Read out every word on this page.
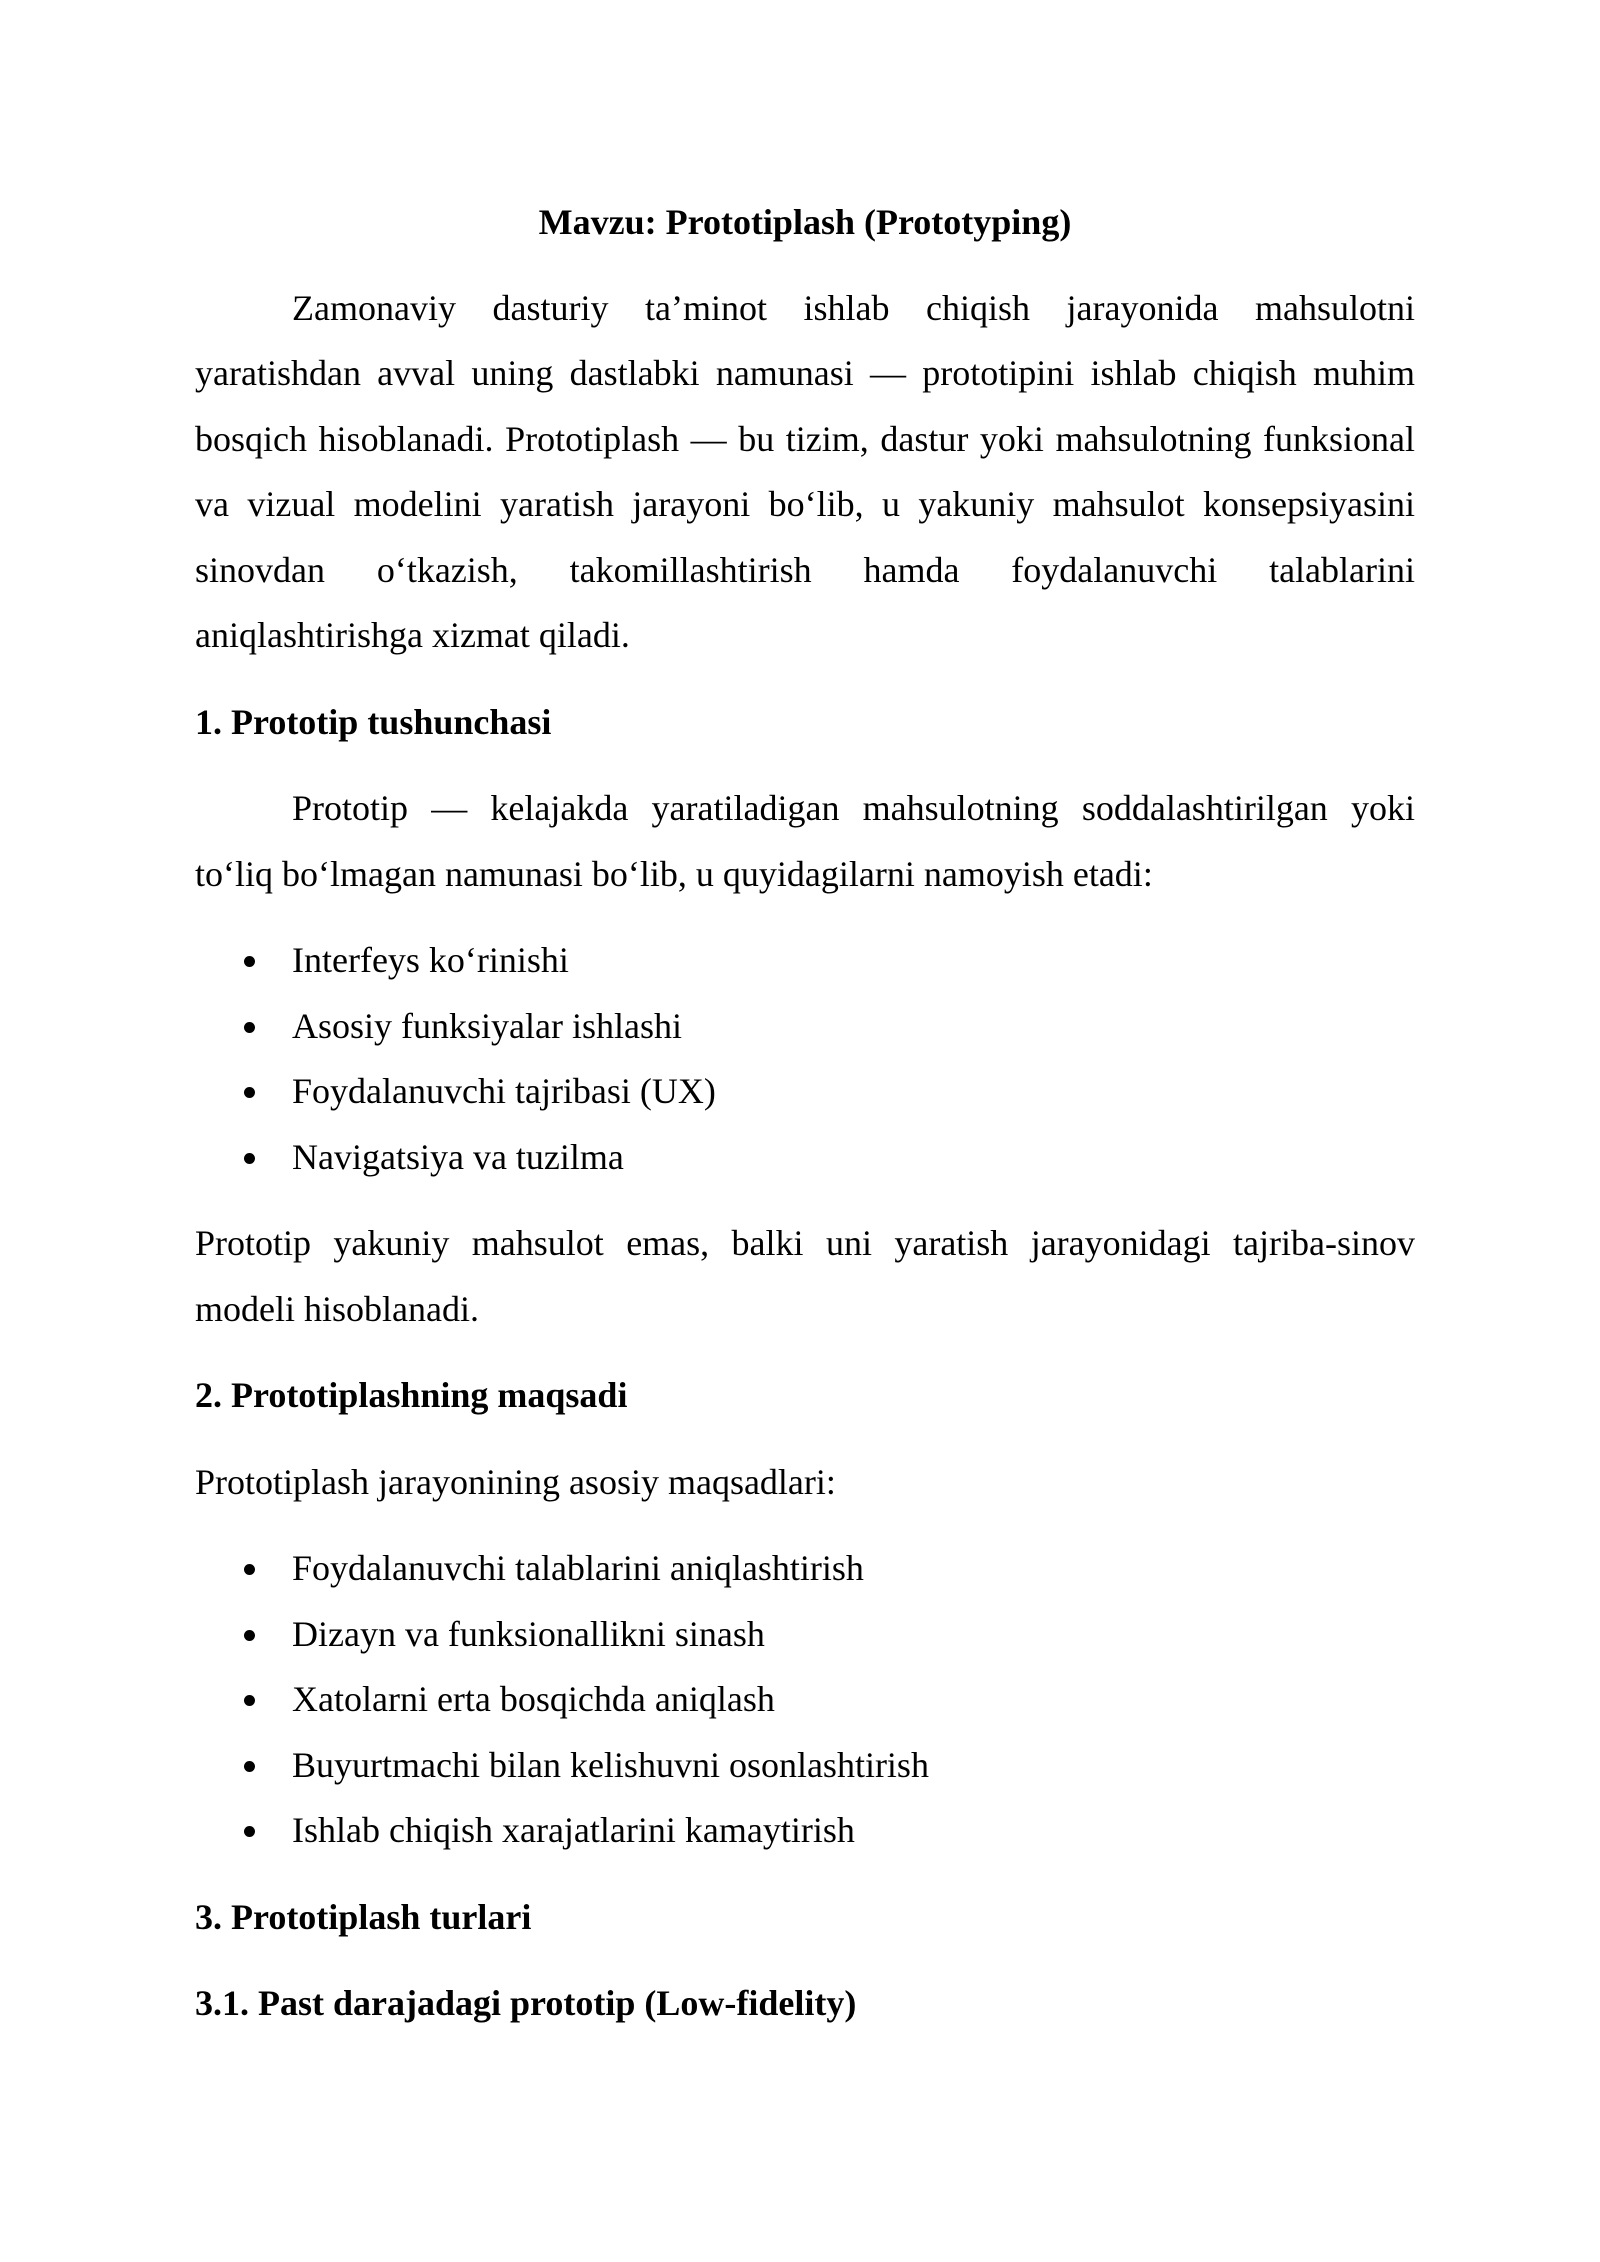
Mavzu: Prototiplash (Prototyping)

Zamonaviy dasturiy ta’minot ishlab chiqish jarayonida mahsulotni yaratishdan avval uning dastlabki namunasi — prototipini ishlab chiqish muhim bosqich hisoblanadi. Prototiplash — bu tizim, dastur yoki mahsulotning funksional va vizual modelini yaratish jarayoni bo‘lib, u yakuniy mahsulot konsepsiyasini sinovdan o‘tkazish, takomillashtirish hamda foydalanuvchi talablarini aniqlashtirishga xizmat qiladi.

1. Prototip tushunchasi

Prototip — kelajakda yaratiladigan mahsulotning soddalashtirilgan yoki to‘liq bo‘lmagan namunasi bo‘lib, u quyidagilarni namoyish etadi:

Interfeys ko‘rinishi
Asosiy funksiyalar ishlashi
Foydalanuvchi tajribasi (UX)
Navigatsiya va tuzilma

Prototip yakuniy mahsulot emas, balki uni yaratish jarayonidagi tajriba-sinov modeli hisoblanadi.

2. Prototiplashning maqsadi

Prototiplash jarayonining asosiy maqsadlari:

Foydalanuvchi talablarini aniqlashtirish
Dizayn va funksionallikni sinash
Xatolarni erta bosqichda aniqlash
Buyurtmachi bilan kelishuvni osonlashtirish
Ishlab chiqish xarajatlarini kamaytirish
3. Prototiplash turlari
3.1. Past darajadagi prototip (Low-fidelity)
